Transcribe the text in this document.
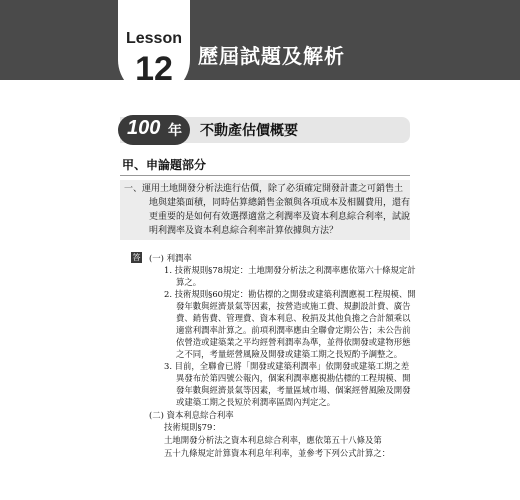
Lesson
12	歷屆試題及解析
100 年 不動產估價概要
甲、申論題部分
一、運用土地開發分析法進行估價，除了必須確定開發計畫之可銷售土
地與建築面積，同時估算總銷售金額與各項成本及相關費用，還有
更重要的是如何有效選擇適當之利潤率及資本利息綜合利率，試說
明利潤率及資本利息綜合利率計算依據與方法？
答 (一) 利潤率
1. 技術規則§78規定：土地開發分析法之利潤率應依第六十條規定計
算之。
2. 技術規則§60規定：勘估標的之開發或建築利潤應視工程規模、開
發年數與經濟景氣等因素，按營造或施工費、規劃設計費、廣告
費、銷售費、管理費、資本利息、稅捐及其他負擔之合計額乘以
適當利潤率計算之。前項利潤率應由全聯會定期公告；未公告前
依營造或建築業之平均經營利潤率為準，並得依開發或建物形態
之不同，考量經營風險及開發或建築工期之長短酌予調整之。
3. 目前，全聯會已將「開發或建築利潤率」依開發或建築工期之差
異發布於第四號公報內，個案利潤率應視勘估標的工程規模、開
發年數與經濟景氣等因素，考量區域市場、個案經營風險及開發
或建築工期之長短於利潤率區間內判定之。
(二) 資本利息綜合利率
技術規則§79：
土地開發分析法之資本利息綜合利率，應依第五十八條及第
五十九條規定計算資本利息年利率，並參考下列公式計算之：
